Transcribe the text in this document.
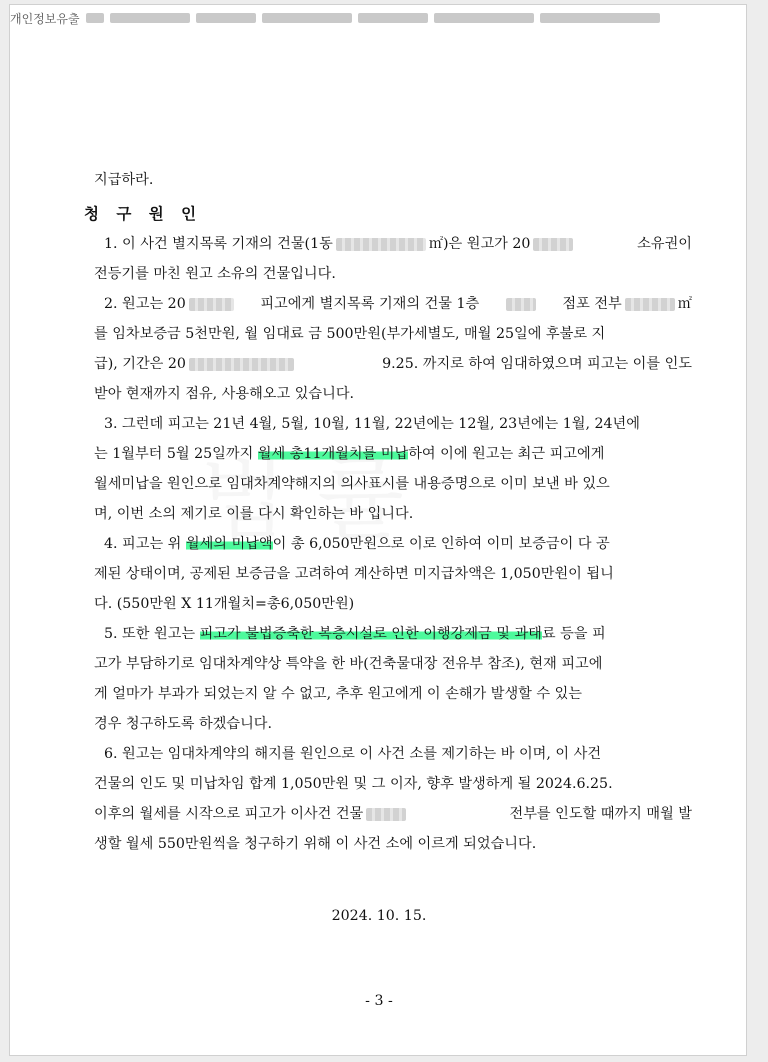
개인정보유출
지급하라.
청 구 원 인
1. 이 사건 별지목록 기재의 건물(1동	㎡)은 원고가 20	소유권이
전등기를 마친 원고 소유의 건물입니다.
2. 원고는 20	피고에게 별지목록 기재의 건물 1층	점포 전부	㎡
를 임차보증금 5천만원, 월 임대료 금 500만원(부가세별도, 매월 25일에 후불로 지
급), 기간은 20	9.25. 까지로 하여 임대하였으며 피고는 이를 인도
받아 현재까지 점유, 사용해오고 있습니다.
3. 그런데 피고는 21년 4월, 5월, 10월, 11월, 22년에는 12월, 23년에는 1월, 24년에
는 1월부터 5월 25일까지 월세 총11개월치를 미납하여 이에 원고는 최근 피고에게
월세미납을 원인으로 임대차계약해지의 의사표시를 내용증명으로 이미 보낸 바 있으
며, 이번 소의 제기로 이를 다시 확인하는 바 입니다.
4. 피고는 위 월세의 미납액이 총 6,050만원으로 이로 인하여 이미 보증금이 다 공
제된 상태이며, 공제된 보증금을 고려하여 계산하면 미지급차액은 1,050만원이 됩니
다. (550만원 X 11개월치=총6,050만원)
5. 또한 원고는 피고가 불법증축한 복층시설로 인한 이행강제금 및 과태료 등을 피
고가 부담하기로 임대차계약상 특약을 한 바(건축물대장 전유부 참조), 현재 피고에
게 얼마가 부과가 되었는지 알 수 없고, 추후 원고에게 이 손해가 발생할 수 있는
경우 청구하도록 하겠습니다.
6. 원고는 임대차계약의 해지를 원인으로 이 사건 소를 제기하는 바 이며, 이 사건
건물의 인도 및 미납차임 합계 1,050만원 및 그 이자, 향후 발생하게 될 2024.6.25.
이후의 월세를 시작으로 피고가 이사건 건물	전부를 인도할 때까지 매월 발
생할 월세 550만원씩을 청구하기 위해 이 사건 소에 이르게 되었습니다.
2024. 10. 15.
- 3 -
